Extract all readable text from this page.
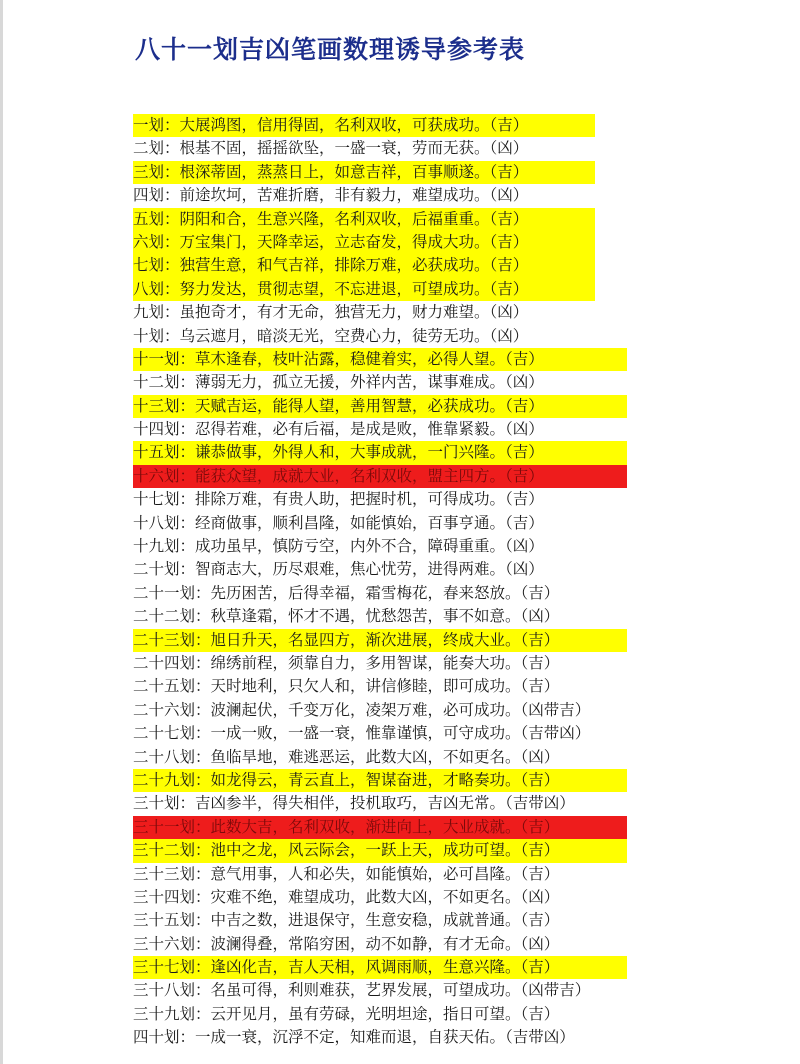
八十一划吉凶笔画数理诱导参考表
一划：大展鸿图，信用得固，名利双收，可获成功。（吉）
二划：根基不固，摇摇欲坠，一盛一衰，劳而无获。（凶）
三划：根深蒂固，蒸蒸日上，如意吉祥，百事顺遂。（吉）
四划：前途坎坷，苦难折磨，非有毅力，难望成功。（凶）
五划：阴阳和合，生意兴隆，名利双收，后福重重。（吉）
六划：万宝集门，天降幸运，立志奋发，得成大功。（吉）
七划：独营生意，和气吉祥，排除万难，必获成功。（吉）
八划：努力发达，贯彻志望，不忘进退，可望成功。（吉）
九划：虽抱奇才，有才无命，独营无力，财力难望。（凶）
十划：乌云遮月，暗淡无光，空费心力，徒劳无功。（凶）
十一划：草木逢春，枝叶沾露，稳健着实，必得人望。（吉）
十二划：薄弱无力，孤立无援，外祥内苦，谋事难成。（凶）
十三划：天赋吉运，能得人望，善用智慧，必获成功。（吉）
十四划：忍得若难，必有后福，是成是败，惟靠紧毅。（凶）
十五划：谦恭做事，外得人和，大事成就，一门兴隆。（吉）
十六划：能获众望，成就大业，名利双收，盟主四方。（吉）
十七划：排除万难，有贵人助，把握时机，可得成功。（吉）
十八划：经商做事，顺利昌隆，如能慎始，百事亨通。（吉）
十九划：成功虽早，慎防亏空，内外不合，障碍重重。（凶）
二十划：智商志大，历尽艰难，焦心忧劳，进得两难。（凶）
二十一划：先历困苦，后得幸福，霜雪梅花，春来怒放。（吉）
二十二划：秋草逢霜，怀才不遇，忧愁怨苦，事不如意。（凶）
二十三划：旭日升天，名显四方，渐次进展，终成大业。（吉）
二十四划：绵绣前程，须靠自力，多用智谋，能奏大功。（吉）
二十五划：天时地利，只欠人和，讲信修睦，即可成功。（吉）
二十六划：波澜起伏，千变万化，凌架万难，必可成功。（凶带吉）
二十七划：一成一败，一盛一衰，惟靠谨慎，可守成功。（吉带凶）
二十八划：鱼临旱地，难逃恶运，此数大凶，不如更名。（凶）
二十九划：如龙得云，青云直上，智谋奋进，才略奏功。（吉）
三十划：吉凶参半，得失相伴，投机取巧，吉凶无常。（吉带凶）
三十一划：此数大吉，名利双收，渐进向上，大业成就。（吉）
三十二划：池中之龙，风云际会，一跃上天，成功可望。（吉）
三十三划：意气用事，人和必失，如能慎始，必可昌隆。（吉）
三十四划：灾难不绝，难望成功，此数大凶，不如更名。（凶）
三十五划：中吉之数，进退保守，生意安稳，成就普通。（吉）
三十六划：波澜得叠，常陷穷困，动不如静，有才无命。（凶）
三十七划：逢凶化吉，吉人天相，风调雨顺，生意兴隆。（吉）
三十八划：名虽可得，利则难获，艺界发展，可望成功。（凶带吉）
三十九划：云开见月，虽有劳碌，光明坦途，指日可望。（吉）
四十划：一成一衰，沉浮不定，知难而退，自获天佑。（吉带凶）
